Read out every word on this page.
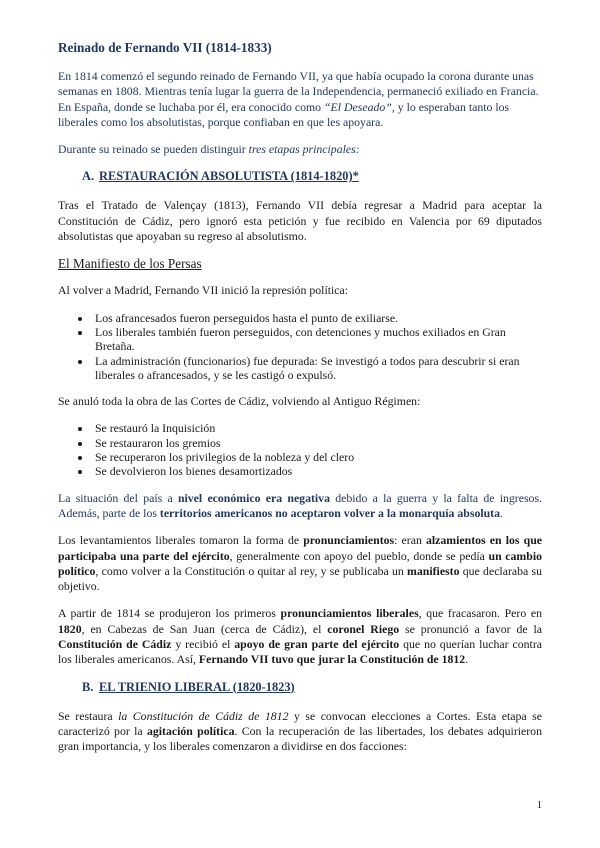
Reinado de Fernando VII (1814-1833)

En 1814 comenzó el segundo reinado de Fernando VII, ya que había ocupado la corona durante unas semanas en 1808. Mientras tenía lugar la guerra de la Independencia, permaneció exiliado en Francia. En España, donde se luchaba por él, era conocido como “El Deseado”, y lo esperaban tanto los liberales como los absolutistas, porque confiaban en que les apoyara.

Durante su reinado se pueden distinguir tres etapas principales:

A. RESTAURACIÓN ABSOLUTISTA (1814-1820)*

Tras el Tratado de Valençay (1813), Fernando VII debía regresar a Madrid para aceptar la Constitución de Cádiz, pero ignoró esta petición y fue recibido en Valencia por 69 diputados absolutistas que apoyaban su regreso al absolutismo.

El Manifiesto de los Persas

Al volver a Madrid, Fernando VII inició la represión política:

• Los afrancesados fueron perseguidos hasta el punto de exiliarse.
• Los liberales también fueron perseguidos, con detenciones y muchos exiliados en Gran Bretaña.
• La administración (funcionarios) fue depurada: Se investigó a todos para descubrir si eran liberales o afrancesados, y se les castigó o expulsó.

Se anuló toda la obra de las Cortes de Cádiz, volviendo al Antiguo Régimen:

• Se restauró la Inquisición
• Se restauraron los gremios
• Se recuperaron los privilegios de la nobleza y del clero
• Se devolvieron los bienes desamortizados

La situación del país a nivel económico era negativa debido a la guerra y la falta de ingresos. Además, parte de los territorios americanos no aceptaron volver a la monarquía absoluta.

Los levantamientos liberales tomaron la forma de pronunciamientos: eran alzamientos en los que participaba una parte del ejército, generalmente con apoyo del pueblo, donde se pedía un cambio político, como volver a la Constitución o quitar al rey, y se publicaba un manifiesto que declaraba su objetivo.

A partir de 1814 se produjeron los primeros pronunciamientos liberales, que fracasaron. Pero en 1820, en Cabezas de San Juan (cerca de Cádiz), el coronel Riego se pronunció a favor de la Constitución de Cádiz y recibió el apoyo de gran parte del ejército que no querían luchar contra los liberales americanos. Así, Fernando VII tuvo que jurar la Constitución de 1812.

B. EL TRIENIO LIBERAL (1820-1823)

Se restaura la Constitución de Cádiz de 1812 y se convocan elecciones a Cortes. Esta etapa se caracterizó por la agitación política. Con la recuperación de las libertades, los debates adquirieron gran importancia, y los liberales comenzaron a dividirse en dos facciones:

1
